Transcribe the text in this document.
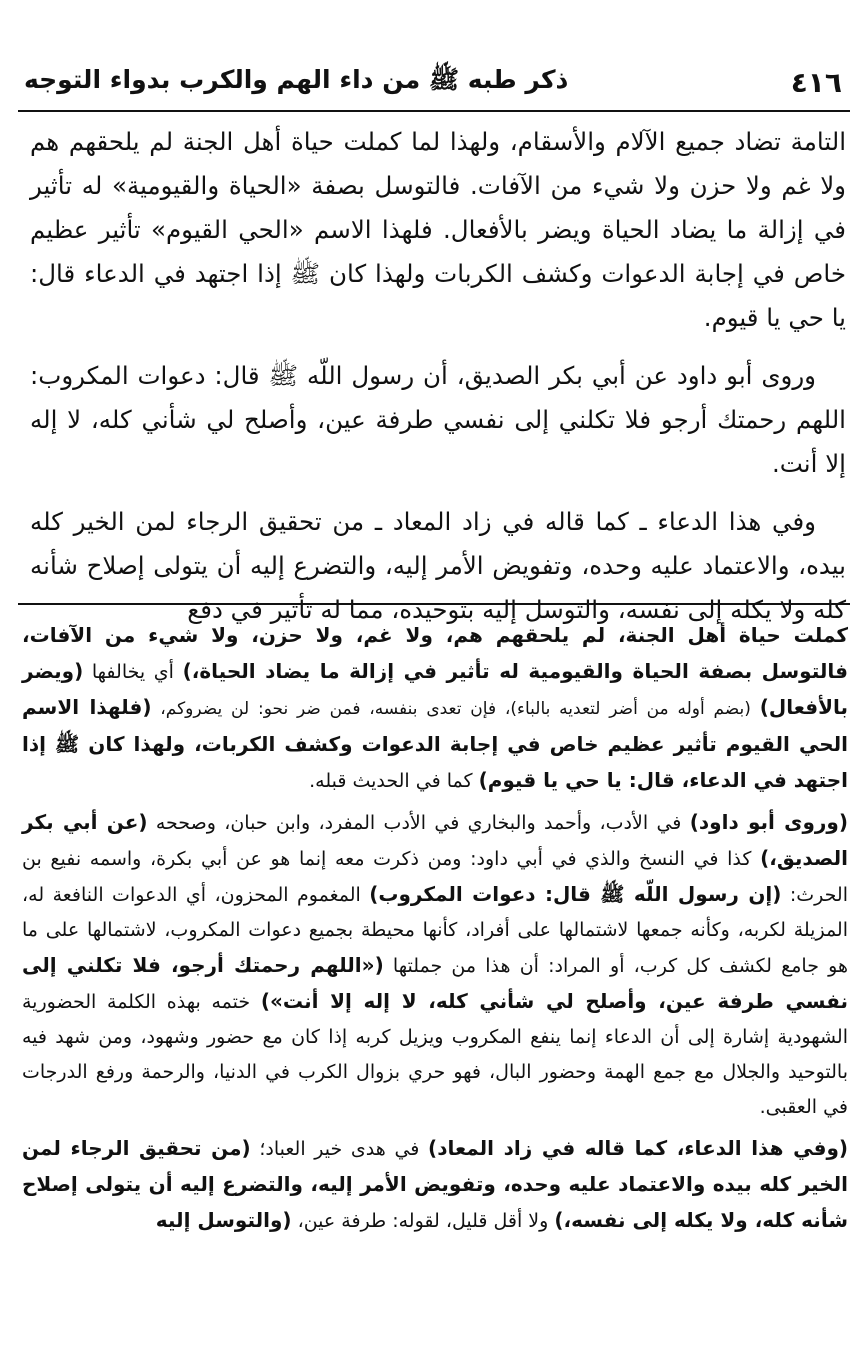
٤١٦
ذكر طبه ﷺ من داء الهم والكرب بدواء التوجه

التامة تضاد جميع الآلام والأسقام، ولهذا لما كملت حياة أهل الجنة لم يلحقهم هم ولا غم ولا حزن ولا شيء من الآفات. فالتوسل بصفة «الحياة والقيومية» له تأثير في إزالة ما يضاد الحياة ويضر بالأفعال. فلهذا الاسم «الحي القيوم» تأثير عظيم خاص في إجابة الدعوات وكشف الكربات ولهذا كان ﷺ إذا اجتهد في الدعاء قال: يا حي يا قيوم.

وروى أبو داود عن أبي بكر الصديق، أن رسول اللّه ﷺ قال: دعوات المكروب: اللهم رحمتك أرجو فلا تكلني إلى نفسي طرفة عين، وأصلح لي شأني كله، لا إله إلا أنت.

وفي هذا الدعاء ـ كما قاله في زاد المعاد ـ من تحقيق الرجاء لمن الخير كله بيده، والاعتماد عليه وحده، وتفويض الأمر إليه، والتضرع إليه أن يتولى إصلاح شأنه كله ولا يكله إلى نفسه، والتوسل إليه بتوحيده، مما له تأثير في دفع

كملت حياة أهل الجنة، لم يلحقهم هم، ولا غم، ولا حزن، ولا شيء من الآفات، فالتوسل بصفة الحياة والقيومية له تأثير في إزالة ما يضاد الحياة،) أي يخالفها (ويضر بالأفعال) (بضم أوله من أضر لتعديه بالباء)، فإن تعدى بنفسه، فمن ضر نحو: لن يضروكم، (فلهذا الاسم الحي القيوم تأثير عظيم خاص في إجابة الدعوات وكشف الكربات، ولهذا كان ﷺ إذا اجتهد في الدعاء، قال: يا حي يا قيوم) كما في الحديث قبله.

(وروى أبو داود) في الأدب، وأحمد والبخاري في الأدب المفرد، وابن حبان، وصححه (عن أبي بكر الصديق،) كذا في النسخ والذي في أبي داود: ومن ذكرت معه إنما هو عن أبي بكرة، واسمه نفيع بن الحرث: (إن رسول اللّه ﷺ قال: دعوات المكروب) المغموم المحزون، أي الدعوات النافعة له، المزيلة لكربه، وكأنه جمعها لاشتمالها على أفراد، كأنها محيطة بجميع دعوات المكروب، لاشتمالها على ما هو جامع لكشف كل كرب، أو المراد: أن هذا من جملتها («اللهم رحمتك أرجو، فلا تكلني إلى نفسي طرفة عين، وأصلح لي شأني كله، لا إله إلا أنت») ختمه بهذه الكلمة الحضورية الشهودية إشارة إلى أن الدعاء إنما ينفع المكروب ويزيل كربه إذا كان مع حضور وشهود، ومن شهد فيه بالتوحيد والجلال مع جمع الهمة وحضور البال، فهو حري بزوال الكرب في الدنيا، والرحمة ورفع الدرجات في العقبى.

(وفي هذا الدعاء، كما قاله في زاد المعاد) في هدى خير العباد؛ (من تحقيق الرجاء لمن الخير كله بيده والاعتماد عليه وحده، وتفويض الأمر إليه، والتضرع إليه أن يتولى إصلاح شأنه كله، ولا يكله إلى نفسه،) ولا أقل قليل، لقوله: طرفة عين، (والتوسل إليه
